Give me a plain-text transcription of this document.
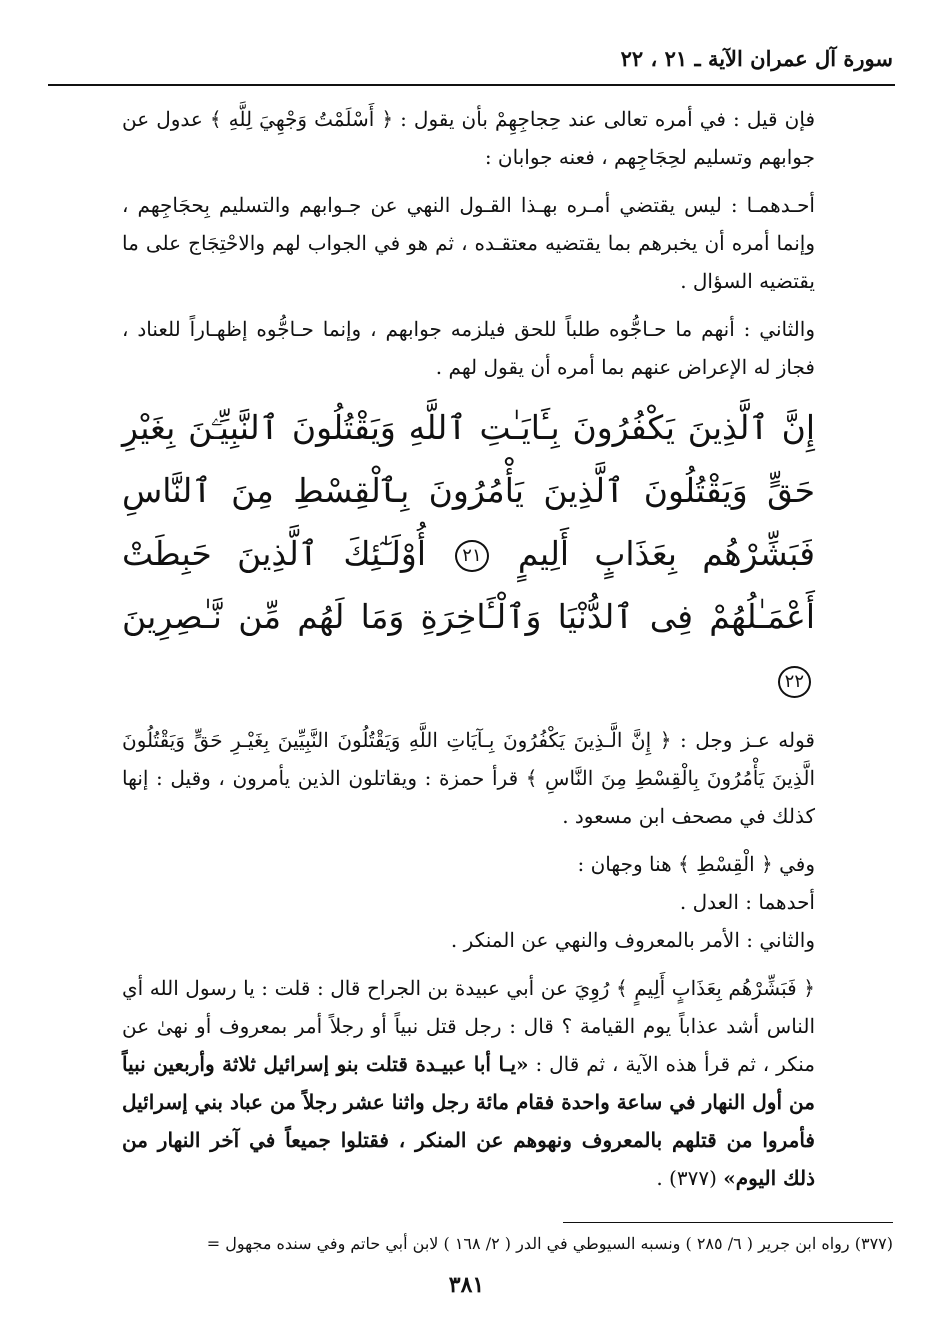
سورة آل عمران الآية ـ ٢١ ، ٢٢

فإن قيل : في أمره تعالى عند حِجاجِهِمْ بأن يقول : ﴿ أَسْلَمْتُ وَجْهِيَ لِلَّهِ ﴾ عدول عن جوابهم وتسليم لحِجَاجِهم ، فعنه جوابان :

أحـدهمـا : ليس يقتضي أمـره بهـذا القـول النهي عن جـوابهم والتسليم بِحجَاجِهم ، وإنما أمره أن يخبرهم بما يقتضيه معتقـده ، ثم هو في الجواب لهم والاحْتِجَاج على ما يقتضيه السؤال .

والثاني : أنهم ما حـاجُّوه طلباً للحق فيلزمه جوابهم ، وإنما حـاجُّوه إظهـاراً للعناد ، فجاز له الإعراض عنهم بما أمره أن يقول لهم .

إِنَّ ٱلَّذِينَ يَكْفُرُونَ بِـَٔايَـٰتِ ٱللَّهِ وَيَقْتُلُونَ ٱلنَّبِيِّـۧنَ بِغَيْرِ حَقٍّ وَيَقْتُلُونَ ٱلَّذِينَ يَأْمُرُونَ بِٱلْقِسْطِ مِنَ ٱلنَّاسِ فَبَشِّرْهُم بِعَذَابٍ أَلِيمٍ ٢١ أُوْلَـٰٓئِكَ ٱلَّذِينَ حَبِطَتْ أَعْمَـٰلُهُمْ فِى ٱلدُّنْيَا وَٱلْـَٔاخِرَةِ وَمَا لَهُم مِّن نَّـٰصِرِينَ ٢٢

قوله عـز وجل : ﴿ إِنَّ الَّـذِينَ يَكْفُرُونَ بِـآيَاتِ اللَّهِ وَيَقْتُلُونَ النَّبِيِّينَ بِغَيْـرِ حَقٍّ وَيَقْتُلُونَ الَّذِينَ يَأْمُرُونَ بِالْقِسْطِ مِنَ النَّاسِ ﴾ قرأ حمزة : ويقاتلون الذين يأمرون ، وقيل : إنها كذلك في مصحف ابن مسعود .

وفي ﴿ الْقِسْطِ ﴾ هنا وجهان :

أحدهما : العدل .

والثاني : الأمر بالمعروف والنهي عن المنكر .

﴿ فَبَشِّرْهُم بِعَذَابٍ أَلِيمٍ ﴾ رُوِيَ عن أبي عبيدة بن الجراح قال : قلت : يا رسول الله أي الناس أشد عذاباً يوم القيامة ؟ قال : رجل قتل نبياً أو رجلاً أمر بمعروف أو نهىٰ عن منكر ، ثم قرأ هذه الآية ، ثم قال : «يـا أبا عبيـدة قتلت بنو إسرائيل ثلاثة وأربعين نبياً من أول النهار في ساعة واحدة فقام مائة رجل واثنا عشر رجلاً من عباد بني إسرائيل فأمروا من قتلهم بالمعروف ونهوهم عن المنكر ، فقتلوا جميعاً في آخر النهار من ذلك اليوم» (٣٧٧) .

(٣٧٧) رواه ابن جرير ( ٦/ ٢٨٥ ) ونسبه السيوطي في الدر ( ٢/ ١٦٨ ) لابن أبي حاتم وفي سنده مجهول =
٣٨١
